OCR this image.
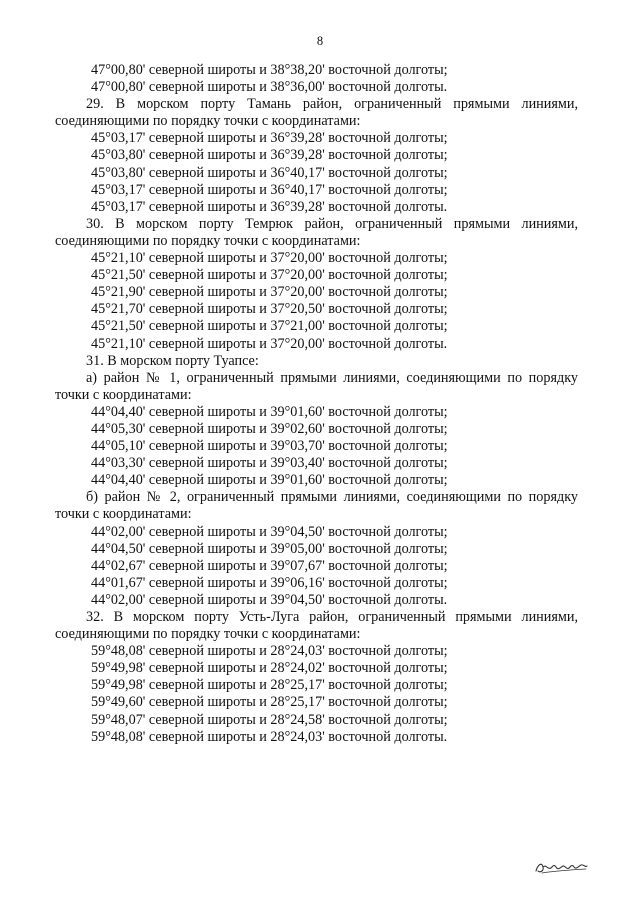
8
47°00,80' северной широты и 38°38,20' восточной долготы;
47°00,80' северной широты и 38°36,00' восточной долготы.
29. В морском порту Тамань район, ограниченный прямыми линиями, соединяющими по порядку точки с координатами:
45°03,17' северной широты и 36°39,28' восточной долготы;
45°03,80' северной широты и 36°39,28' восточной долготы;
45°03,80' северной широты и 36°40,17' восточной долготы;
45°03,17' северной широты и 36°40,17' восточной долготы;
45°03,17' северной широты и 36°39,28' восточной долготы.
30. В морском порту Темрюк район, ограниченный прямыми линиями, соединяющими по порядку точки с координатами:
45°21,10' северной широты и 37°20,00' восточной долготы;
45°21,50' северной широты и 37°20,00' восточной долготы;
45°21,90' северной широты и 37°20,00' восточной долготы;
45°21,70' северной широты и 37°20,50' восточной долготы;
45°21,50' северной широты и 37°21,00' восточной долготы;
45°21,10' северной широты и 37°20,00' восточной долготы.
31. В морском порту Туапсе:
а) район № 1, ограниченный прямыми линиями, соединяющими по порядку точки с координатами:
44°04,40' северной широты и 39°01,60' восточной долготы;
44°05,30' северной широты и 39°02,60' восточной долготы;
44°05,10' северной широты и 39°03,70' восточной долготы;
44°03,30' северной широты и 39°03,40' восточной долготы;
44°04,40' северной широты и 39°01,60' восточной долготы;
б) район № 2, ограниченный прямыми линиями, соединяющими по порядку точки с координатами:
44°02,00' северной широты и 39°04,50' восточной долготы;
44°04,50' северной широты и 39°05,00' восточной долготы;
44°02,67' северной широты и 39°07,67' восточной долготы;
44°01,67' северной широты и 39°06,16' восточной долготы;
44°02,00' северной широты и 39°04,50' восточной долготы.
32. В морском порту Усть-Луга район, ограниченный прямыми линиями, соединяющими по порядку точки с координатами:
59°48,08' северной широты и 28°24,03' восточной долготы;
59°49,98' северной широты и 28°24,02' восточной долготы;
59°49,98' северной широты и 28°25,17' восточной долготы;
59°49,60' северной широты и 28°25,17' восточной долготы;
59°48,07' северной широты и 28°24,58' восточной долготы;
59°48,08' северной широты и 28°24,03' восточной долготы.
